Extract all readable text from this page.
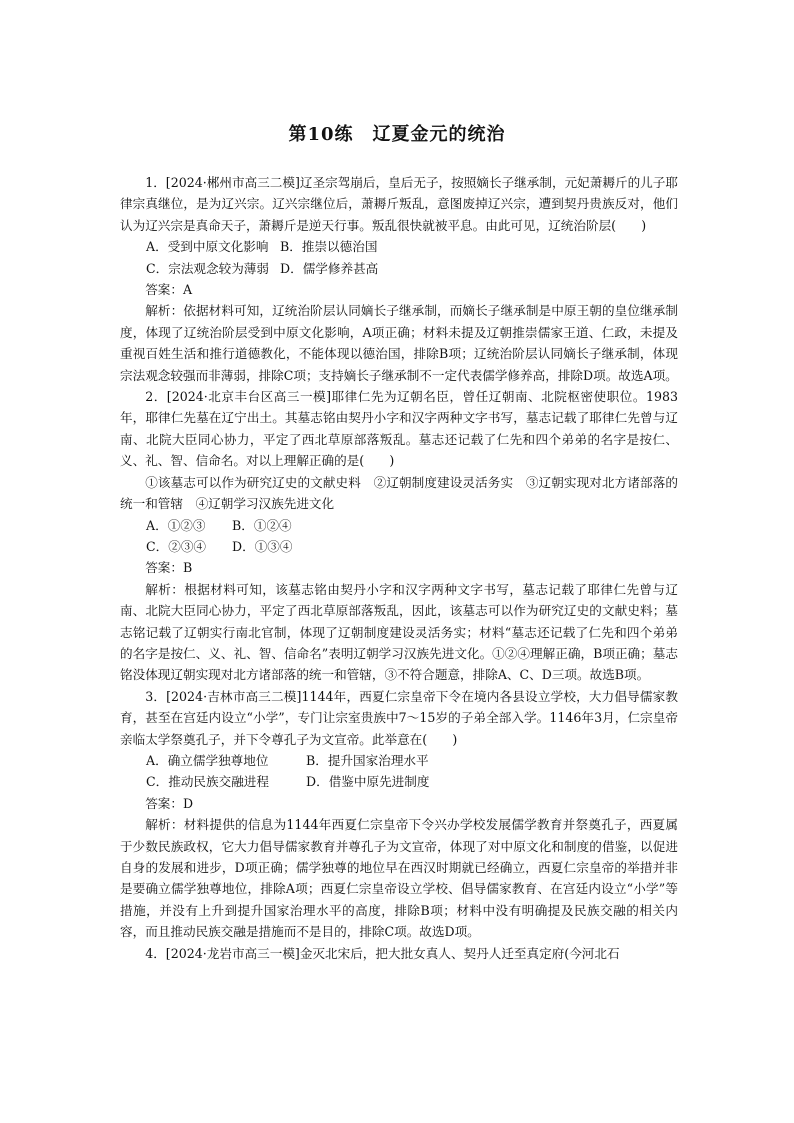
第10练　辽夏金元的统治

1．[2024·郴州市高三二模]辽圣宗驾崩后，皇后无子，按照嫡长子继承制，元妃萧耨斤的儿子耶律宗真继位，是为辽兴宗。辽兴宗继位后，萧耨斤叛乱，意图废掉辽兴宗，遭到契丹贵族反对，他们认为辽兴宗是真命天子，萧耨斤是逆天行事。叛乱很快就被平息。由此可见，辽统治阶层(　　)

A．受到中原文化影响 B．推崇以德治国

C．宗法观念较为薄弱 D．儒学修养甚高

答案：A

解析：依据材料可知，辽统治阶层认同嫡长子继承制，而嫡长子继承制是中原王朝的皇位继承制度，体现了辽统治阶层受到中原文化影响，A项正确；材料未提及辽朝推崇儒家王道、仁政，未提及重视百姓生活和推行道德教化，不能体现以德治国，排除B项；辽统治阶层认同嫡长子继承制，体现宗法观念较强而非薄弱，排除C项；支持嫡长子继承制不一定代表儒学修养高，排除D项。故选A项。

2．[2024·北京丰台区高三一模]耶律仁先为辽朝名臣，曾任辽朝南、北院枢密使职位。1983年，耶律仁先墓在辽宁出土。其墓志铭由契丹小字和汉字两种文字书写，墓志记载了耶律仁先曾与辽南、北院大臣同心协力，平定了西北草原部落叛乱。墓志还记载了仁先和四个弟弟的名字是按仁、义、礼、智、信命名。对以上理解正确的是(　　)

①该墓志可以作为研究辽史的文献史料　②辽朝制度建设灵活务实　③辽朝实现对北方诸部落的统一和管辖　④辽朝学习汉族先进文化

A．①②③ B．①②④

C．②③④ D．①③④

答案：B

解析：根据材料可知，该墓志铭由契丹小字和汉字两种文字书写，墓志记载了耶律仁先曾与辽南、北院大臣同心协力，平定了西北草原部落叛乱，因此，该墓志可以作为研究辽史的文献史料；墓志铭记载了辽朝实行南北官制，体现了辽朝制度建设灵活务实；材料“墓志还记载了仁先和四个弟弟的名字是按仁、义、礼、智、信命名”表明辽朝学习汉族先进文化。①②④理解正确，B项正确；墓志铭没体现辽朝实现对北方诸部落的统一和管辖，③不符合题意，排除A、C、D三项。故选B项。

3．[2024·吉林市高三二模]1144年，西夏仁宗皇帝下令在境内各县设立学校，大力倡导儒家教育，甚至在宫廷内设立“小学”，专门让宗室贵族中7～15岁的子弟全部入学。1146年3月，仁宗皇帝亲临太学祭奠孔子，并下令尊孔子为文宣帝。此举意在(　　)

A．确立儒学独尊地位	B．提升国家治理水平

C．推动民族交融进程	D．借鉴中原先进制度

答案：D

解析：材料提供的信息为1144年西夏仁宗皇帝下令兴办学校发展儒学教育并祭奠孔子，西夏属于少数民族政权，它大力倡导儒家教育并尊孔子为文宣帝，体现了对中原文化和制度的借鉴，以促进自身的发展和进步，D项正确；儒学独尊的地位早在西汉时期就已经确立，西夏仁宗皇帝的举措并非是要确立儒学独尊地位，排除A项；西夏仁宗皇帝设立学校、倡导儒家教育、在宫廷内设立“小学”等措施，并没有上升到提升国家治理水平的高度，排除B项；材料中没有明确提及民族交融的相关内容，而且推动民族交融是措施而不是目的，排除C项。故选D项。

4．[2024·龙岩市高三一模]金灭北宋后，把大批女真人、契丹人迁至真定府(今河北石
